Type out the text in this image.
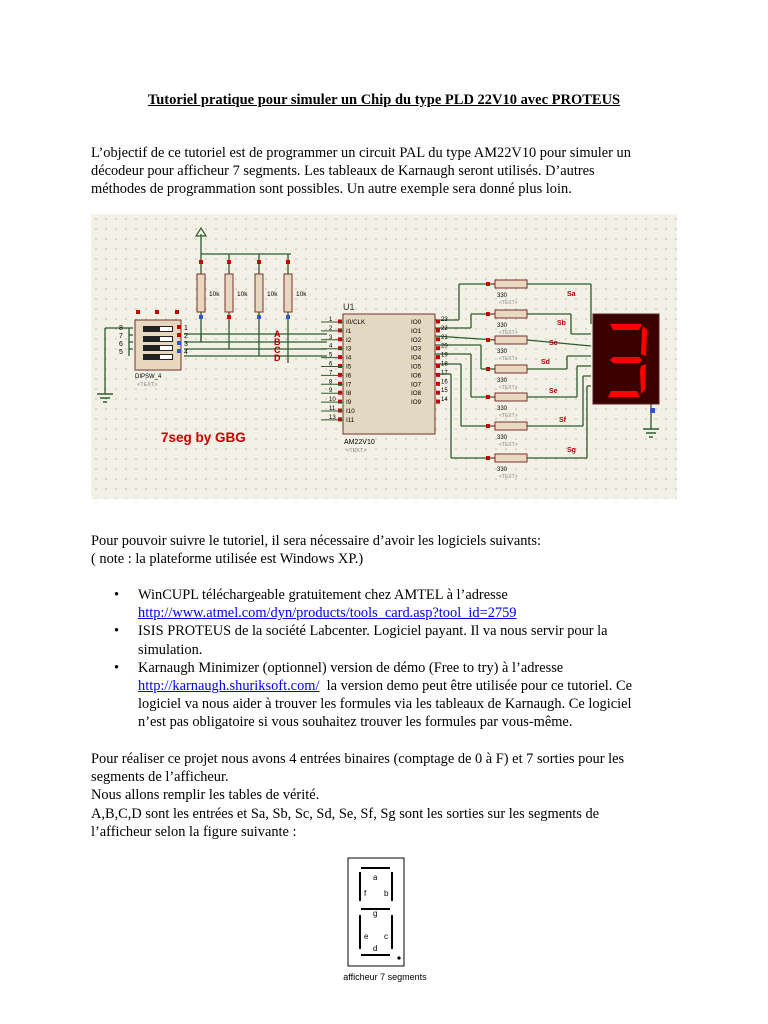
Tutoriel pratique pour simuler un Chip du type PLD 22V10 avec PROTEUS

L’objectif de ce tutoriel est de programmer un circuit PAL du type AM22V10 pour simuler un

décodeur pour afficheur 7 segments. Les tableaux de Karnaugh seront utilisés. D’autres

méthodes de programmation sont possibles. Un autre exemple sera donné plus loin.

10k	10k	10k	10k
8
7
6
5
1
2
3
4
DIPSW_4
<TEXT>
A
B
C
D
U1
AM22V10
<TEXT>
1 I0/CLK
2 I1
3 I2
4 I3
5 I4
6 I5
7 I6
8 I7
9 I8
10 I9
11 I10
13 I11
IO0	23
IO1	22
IO2	21
IO3	20
IO4	19
IO5	18
IO6	17
IO7	16
IO8	15
IO9	14
330
<TEXT>
330
<TEXT>
330
<TEXT>
330
<TEXT>
330
<TEXT>
330
<TEXT>
330
<TEXT>
Sa
Sb
Sc
Sd
Se
Sf
Sg
7seg by GBG

Pour pouvoir suivre le tutoriel, il sera nécessaire d’avoir les logiciels suivants:

( note : la plateforme utilisée est Windows XP.)

• WinCUPL téléchargeable gratuitement chez AMTEL à l’adresse
http://www.atmel.com/dyn/products/tools_card.asp?tool_id=2759
• ISIS PROTEUS de la société Labcenter. Logiciel payant. Il va nous servir pour la
simulation.
• Karnaugh Minimizer (optionnel) version de démo (Free to try) à l’adresse
http://karnaugh.shuriksoft.com/  la version demo peut être utilisée pour ce tutoriel. Ce
logiciel va nous aider à trouver les formules via les tableaux de Karnaugh. Ce logiciel
n’est pas obligatoire si vous souhaitez trouver les formules par vous-même.

Pour réaliser ce projet nous avons 4 entrées binaires (comptage de 0 à F) et 7 sorties pour les

segments de l’afficheur.

Nous allons remplir les tables de vérité.

A,B,C,D sont les entrées et Sa, Sb, Sc, Sd, Se, Sf, Sg sont les sorties sur les segments de

l’afficheur selon la figure suivante :

a
b
c
d
e
f
g
afficheur 7 segments
